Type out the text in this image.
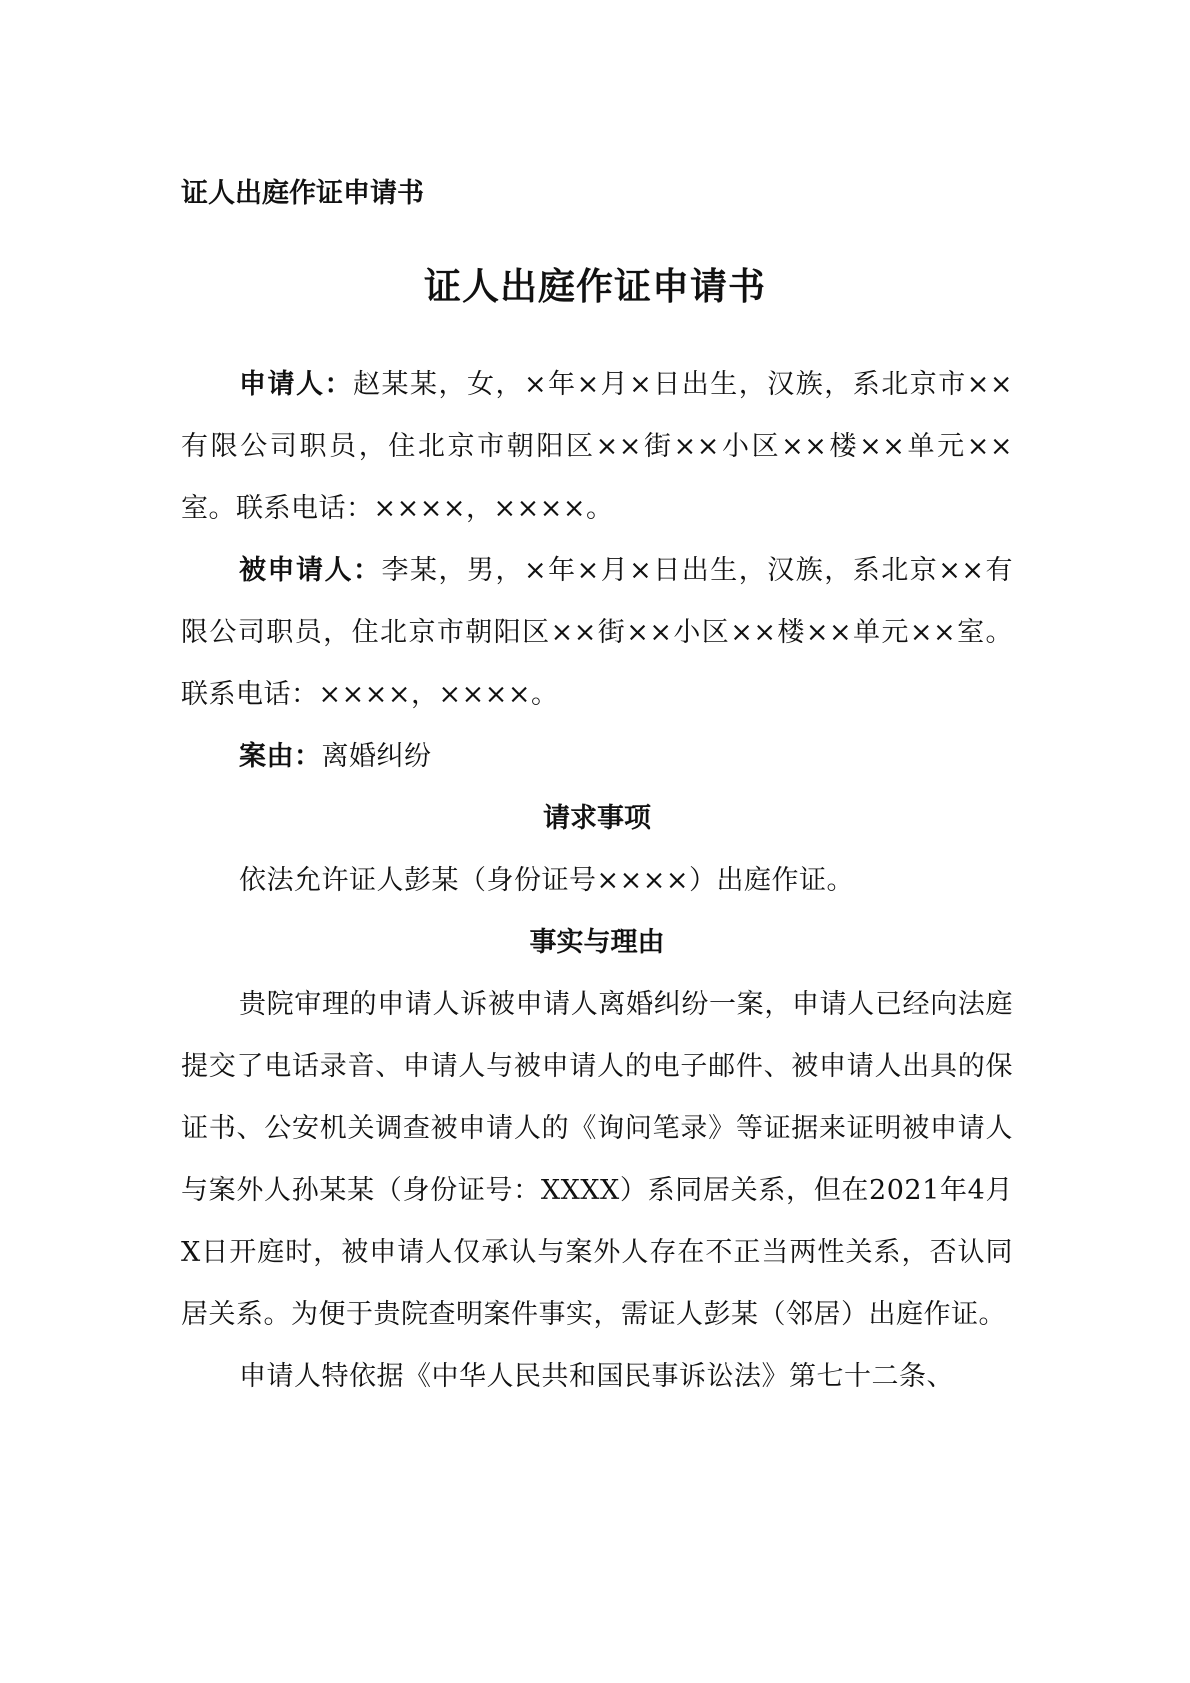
证人出庭作证申请书
证人出庭作证申请书

申请人：赵某某，女，×年×月×日出生，汉族，系北京市××有限公司职员，住北京市朝阳区××街××小区××楼××单元××室。联系电话：××××，××××。

被申请人：李某，男，×年×月×日出生，汉族，系北京××有限公司职员，住北京市朝阳区××街××小区××楼××单元××室。联系电话：××××，××××。

案由：离婚纠纷

请求事项

依法允许证人彭某（身份证号××××）出庭作证。

事实与理由

贵院审理的申请人诉被申请人离婚纠纷一案，申请人已经向法庭提交了电话录音、申请人与被申请人的电子邮件、被申请人出具的保证书、公安机关调查被申请人的《询问笔录》等证据来证明被申请人与案外人孙某某（身份证号：XXXX）系同居关系，但在2021年4月X日开庭时，被申请人仅承认与案外人存在不正当两性关系，否认同居关系。为便于贵院查明案件事实，需证人彭某（邻居）出庭作证。

申请人特依据《中华人民共和国民事诉讼法》第七十二条、
